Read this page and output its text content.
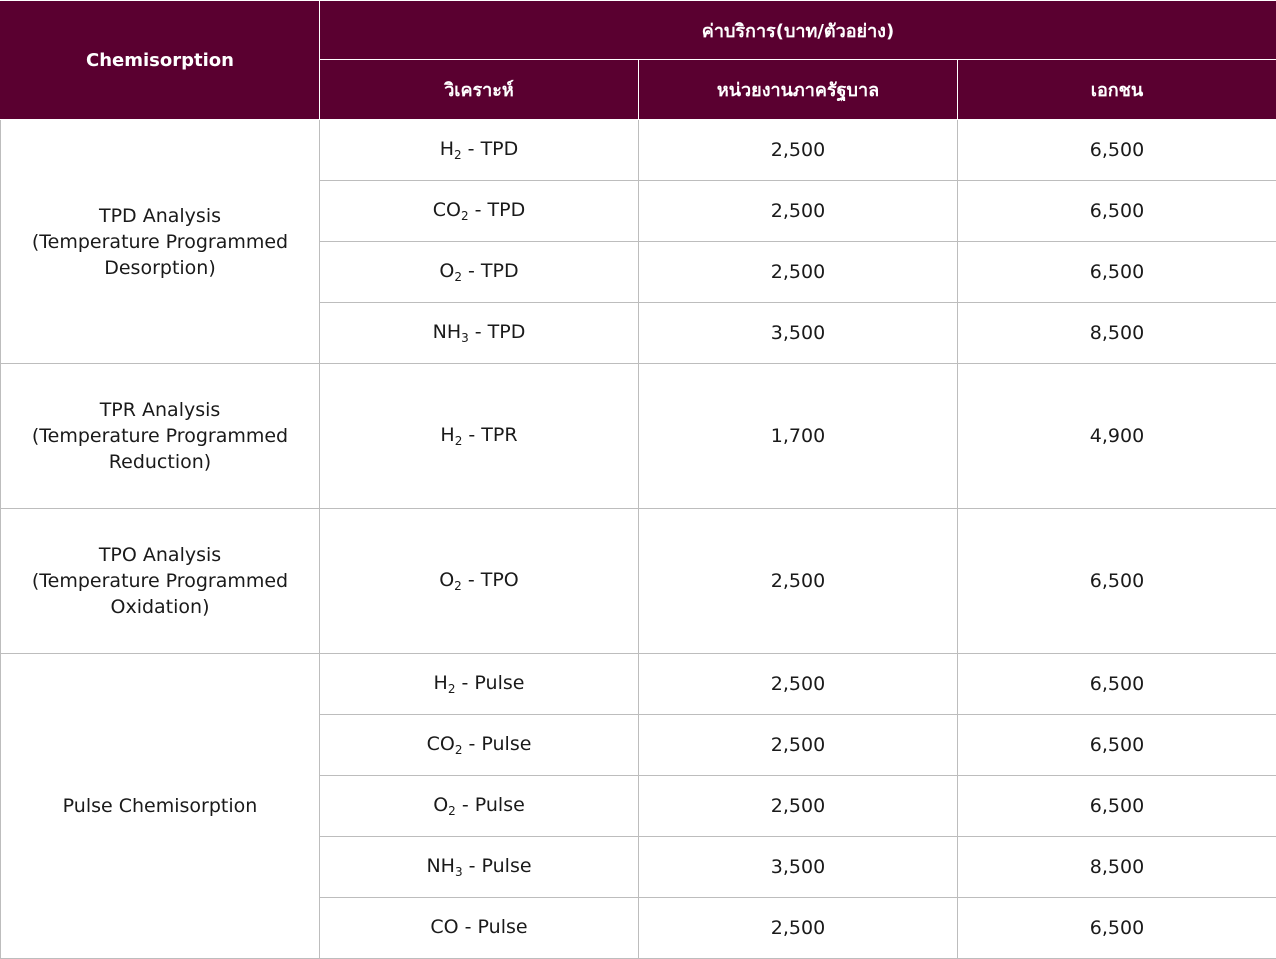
Chemisorption	ค่าบริการ(บาท/ตัวอย่าง)		
	วิเคราะห์	หน่วยงานภาครัฐบาล	เอกชน

TPD Analysis
(Temperature Programmed
Desorption)	$H_2$ - TPD	2,500	6,500
	$CO_2$ - TPD	2,500	6,500
	$O_2$ - TPD	2,500	6,500
	$NH_3$ - TPD	3,500	8,500

TPR Analysis
(Temperature Programmed
Reduction)	$H_2$ - TPR	1,700	4,900

TPO Analysis
(Temperature Programmed
Oxidation)	$O_2$ - TPO	2,500	6,500

Pulse Chemisorption	$H_2$ - Pulse	2,500	6,500
	$CO_2$ - Pulse	2,500	6,500
	$O_2$ - Pulse	2,500	6,500
	$NH_3$ - Pulse	3,500	8,500
	CO - Pulse	2,500	6,500
